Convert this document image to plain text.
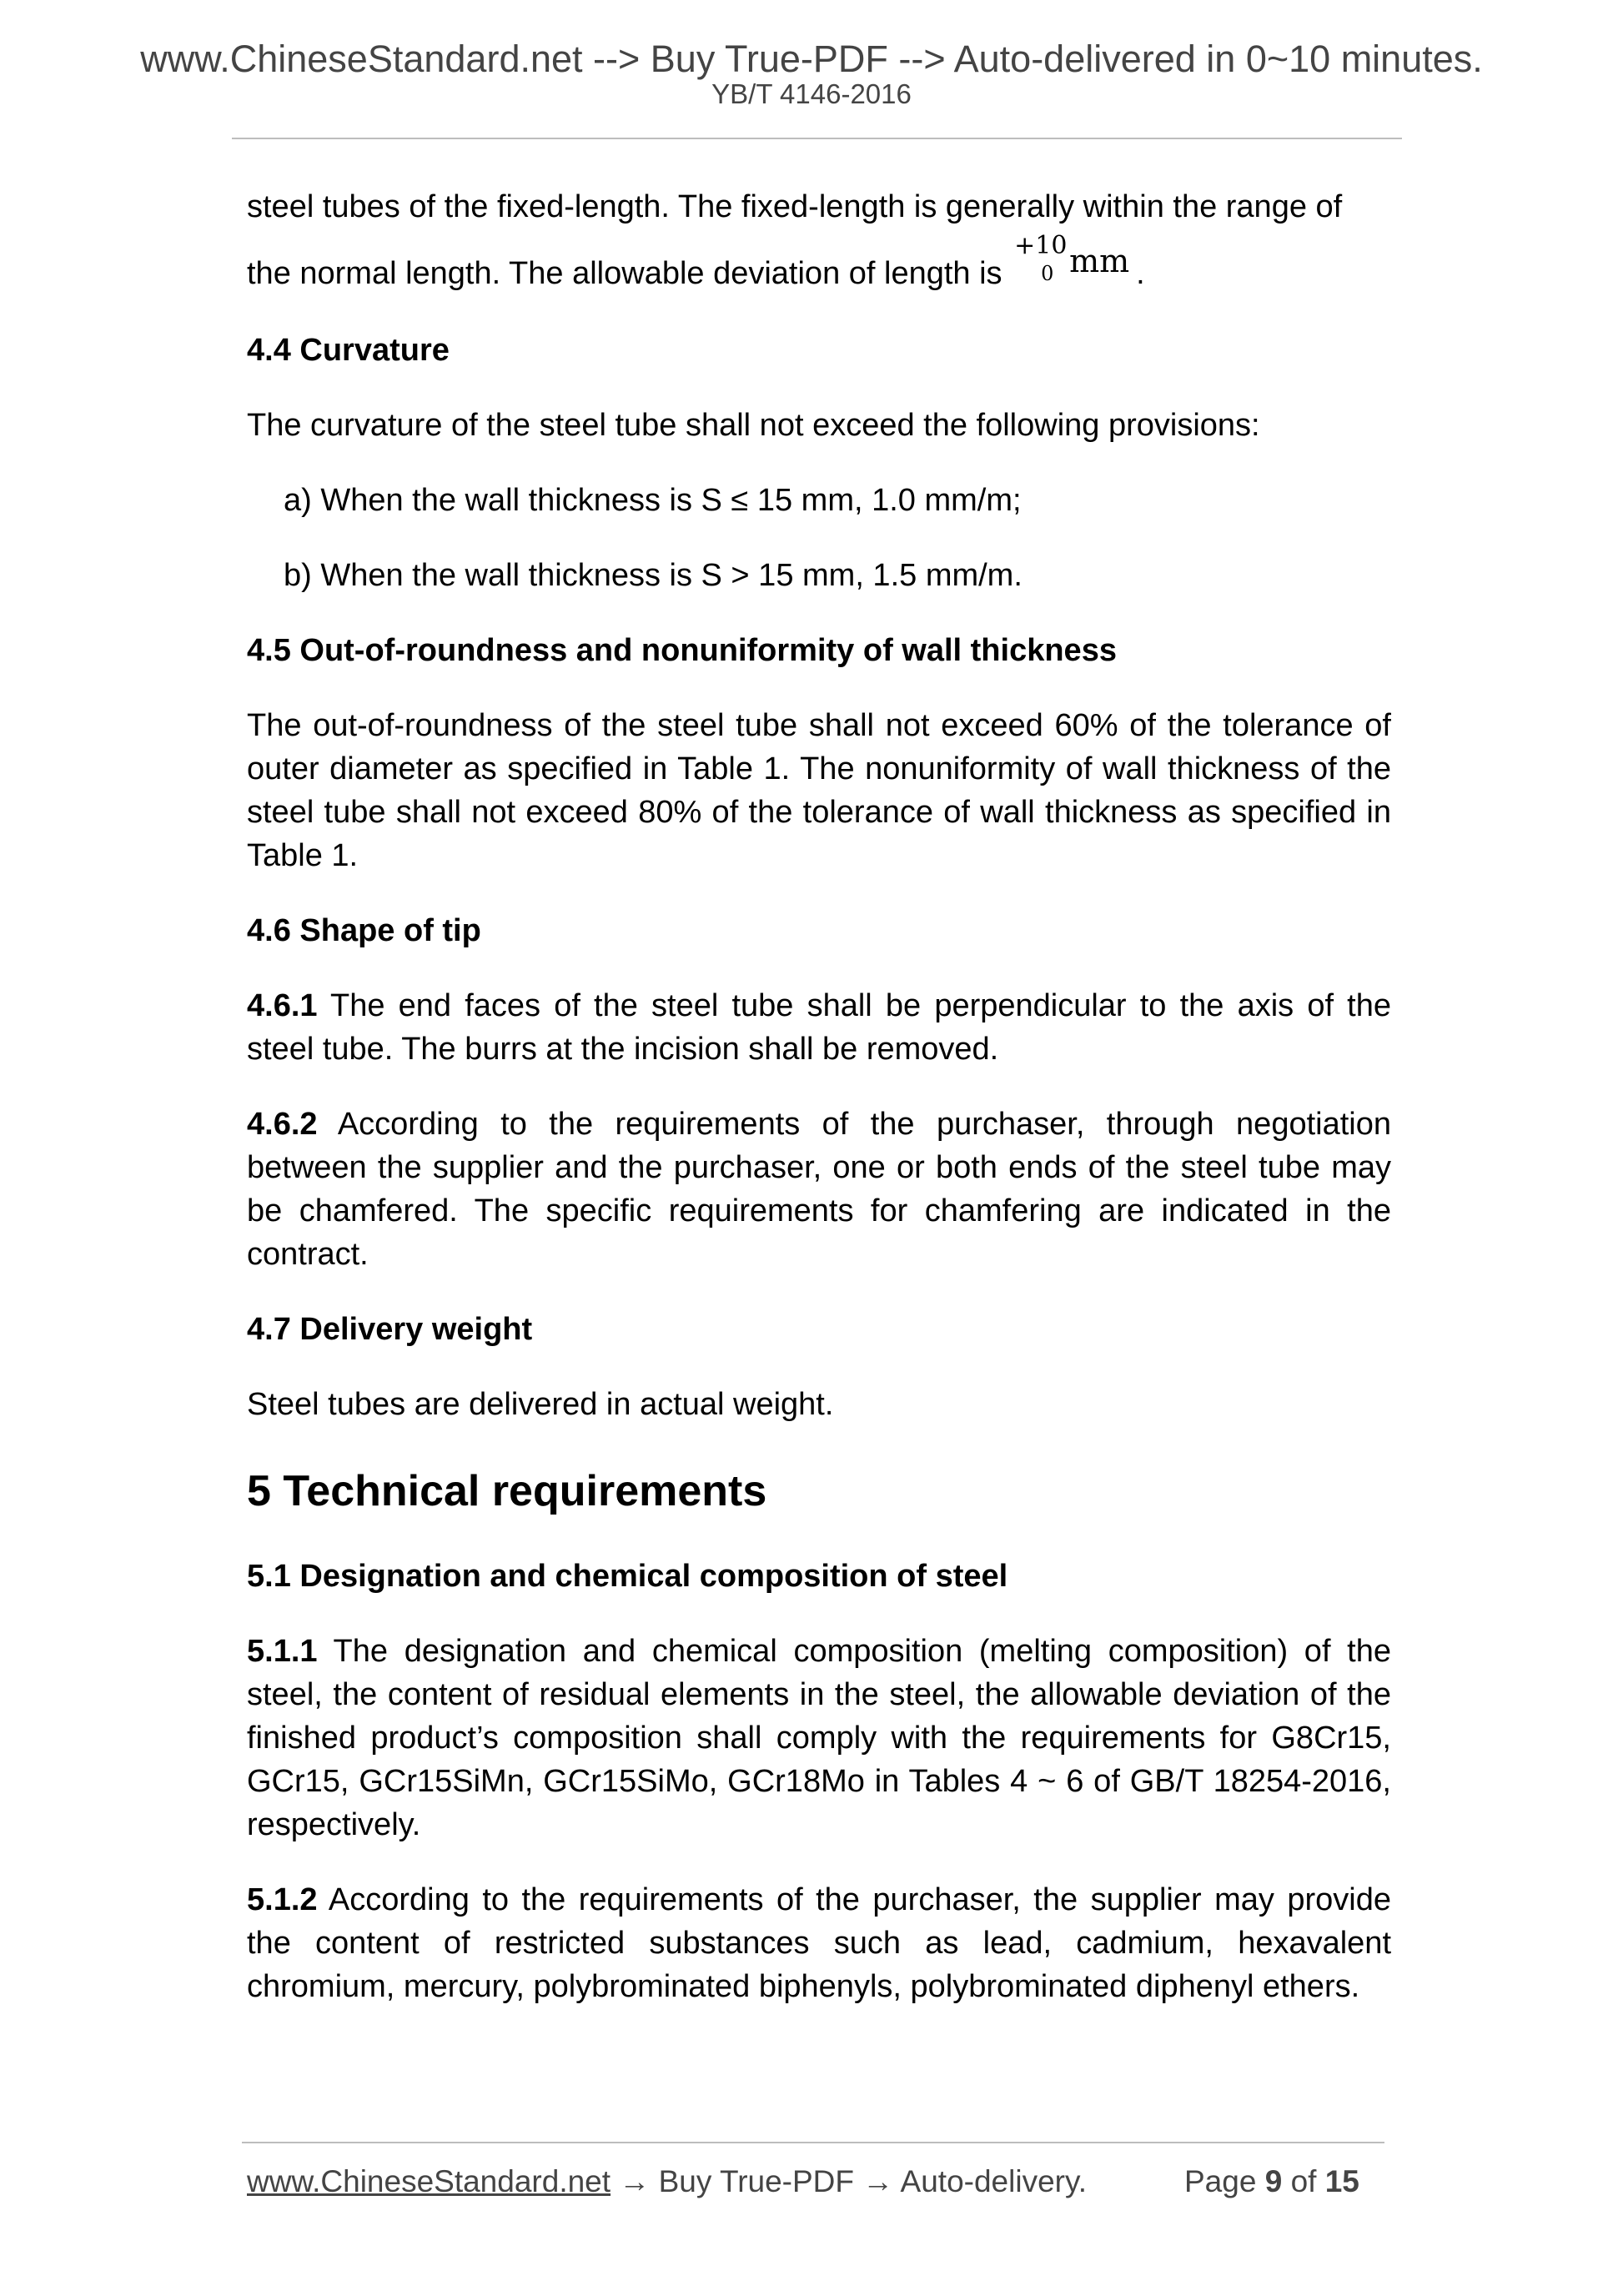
www.ChineseStandard.net --> Buy True-PDF --> Auto-delivered in 0~10 minutes.
YB/T 4146-2016

steel tubes of the fixed-length. The fixed-length is generally within the range of

the normal length. The allowable deviation of length is
+10
0 mm .

4.4 Curvature

The curvature of the steel tube shall not exceed the following provisions:

a) When the wall thickness is S ≤ 15 mm, 1.0 mm/m;

b) When the wall thickness is S > 15 mm, 1.5 mm/m.

4.5 Out-of-roundness and nonuniformity of wall thickness

The out-of-roundness of the steel tube shall not exceed 60% of the tolerance of outer diameter as specified in Table 1. The nonuniformity of wall thickness of the steel tube shall not exceed 80% of the tolerance of wall thickness as specified in Table 1.

4.6 Shape of tip

4.6.1 The end faces of the steel tube shall be perpendicular to the axis of the steel tube. The burrs at the incision shall be removed.

4.6.2 According to the requirements of the purchaser, through negotiation between the supplier and the purchaser, one or both ends of the steel tube may be chamfered. The specific requirements for chamfering are indicated in the contract.

4.7 Delivery weight

Steel tubes are delivered in actual weight.

5 Technical requirements

5.1 Designation and chemical composition of steel

5.1.1 The designation and chemical composition (melting composition) of the steel, the content of residual elements in the steel, the allowable deviation of the finished product’s composition shall comply with the requirements for G8Cr15, GCr15, GCr15SiMn, GCr15SiMo, GCr18Mo in Tables 4 ~ 6 of GB/T 18254-2016, respectively.

5.1.2 According to the requirements of the purchaser, the supplier may provide the content of restricted substances such as lead, cadmium, hexavalent chromium, mercury, polybrominated biphenyls, polybrominated diphenyl ethers.

www.ChineseStandard.net → Buy True-PDF → Auto-delivery.	Page 9 of 15
